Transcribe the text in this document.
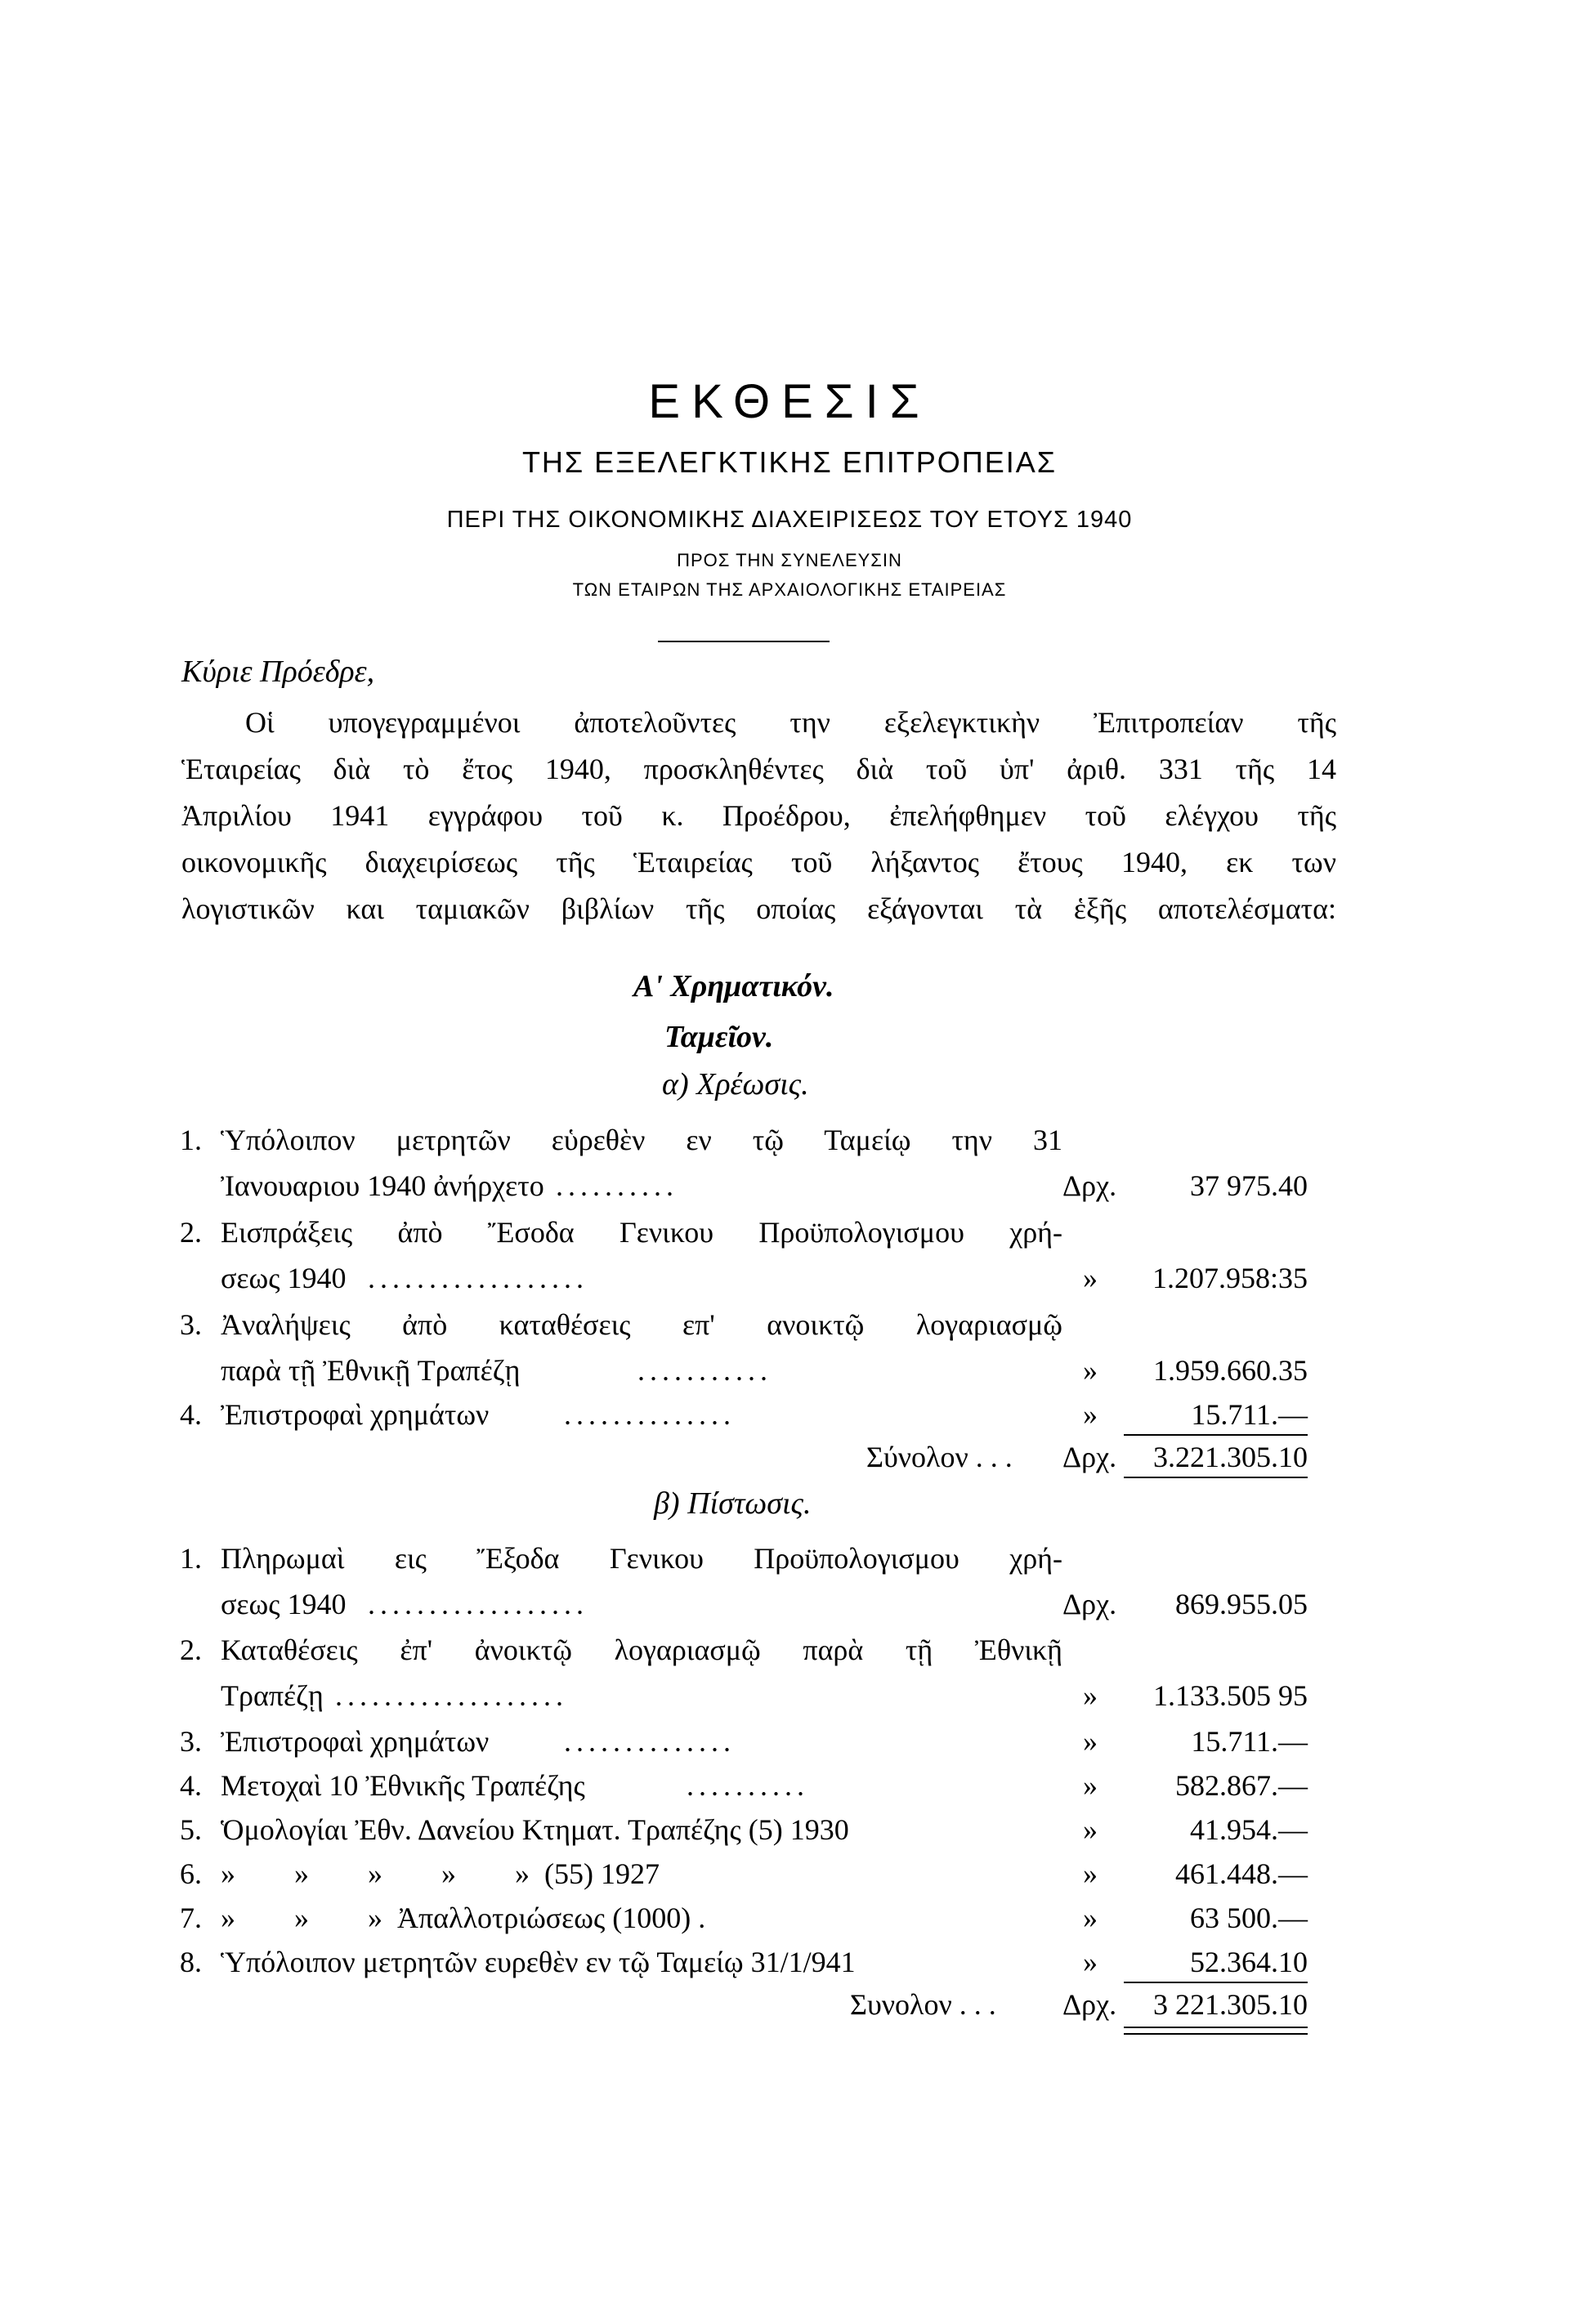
ΕΚΘΕΣΙΣ
ΤΗΣ ΕΞΕΛΕΓΚΤΙΚΗΣ ΕΠΙΤΡΟΠΕΙΑΣ
ΠΕΡΙ ΤΗΣ ΟΙΚΟΝΟΜΙΚΗΣ ΔΙΑΧΕΙΡΙΣΕΩΣ ΤΟΥ ΕΤΟΥΣ 1940
ΠΡΟΣ ΤΗΝ ΣΥΝΕΛΕΥΣΙΝ
ΤΩΝ ΕΤΑΙΡΩΝ ΤΗΣ ΑΡΧΑΙΟΛΟΓΙΚΗΣ ΕΤΑΙΡΕΙΑΣ
Κύριε Πρόεδρε,
Οἱ υπογεγραμμένοι ἀποτελοῦντες την εξελεγκτικὴν Ἐπιτροπείαν τῆς
Ἑταιρείας διὰ τὸ ἔτος 1940, προσκληθέντες διὰ τοῦ ὑπ' ἀριθ. 331 τῆς 14
Ἀπριλίου 1941 εγγράφου τοῦ κ. Προέδρου, ἐπελήφθημεν τοῦ ελέγχου τῆς
οικονομικῆς διαχειρίσεως τῆς Ἑταιρείας τοῦ λήξαντος ἔτους 1940, εκ των
λογιστικῶν και ταμιακῶν βιβλίων τῆς οποίας εξάγονται τὰ ἑξῆς αποτελέσματα:
Α' Χρηματικόν.
Ταμεῖον.
α) Χρέωσις.
1. Ὑπόλοιπον μετρητῶν εὑρεθὲν εν τῷ Ταμείῳ την 31
Ἰανουαριου 1940 ἀνήρχετο ..........	Δρχ. 37 975.40
2. Εισπράξεις ἀπὸ Ἔσοδα Γενικου Προϋπολογισμου χρή-
σεως 1940 ..................	» 1.207.958:35
3. Ἀναλήψεις ἀπὸ καταθέσεις επ' ανοικτῷ λογαριασμῷ
παρὰ τῇ Ἐθνικῇ Τραπέζῃ	...........	» 1.959.660.35
4. Ἐπιστροφαὶ χρημάτων	..............	»	15.711.—
Σύνολον . . . Δρχ. 3.221.305.10
β) Πίστωσις.
1. Πληρωμαὶ εις Ἔξοδα Γενικου Προϋπολογισμου χρή-
σεως 1940 ..................	Δρχ. 869.955.05
2. Καταθέσεις ἐπ' ἀνοικτῷ λογαριασμῷ παρὰ τῇ Ἐθνικῇ
Τραπέζῃ ...................	» 1.133.505 95
3. Ἐπιστροφαὶ χρημάτων	..............	»	15.711.—
4. Μετοχαὶ 10 Ἐθνικῆς Τραπέζης	..........	»	582.867.—
5. Ὁμολογίαι Ἐθν. Δανείου Κτηματ. Τραπέζης (5) 1930	»	41.954.—
6. »        »        »        »        »  (55) 1927	»	461.448.—
7. »        »        »  Ἀπαλλοτριώσεως (1000) .	»	63 500.—
8. Ὑπόλοιπον μετρητῶν ευρεθὲν εν τῷ Ταμείῳ 31/1/941	»	52.364.10
Συνολον . . . Δρχ. 3 221.305.10
